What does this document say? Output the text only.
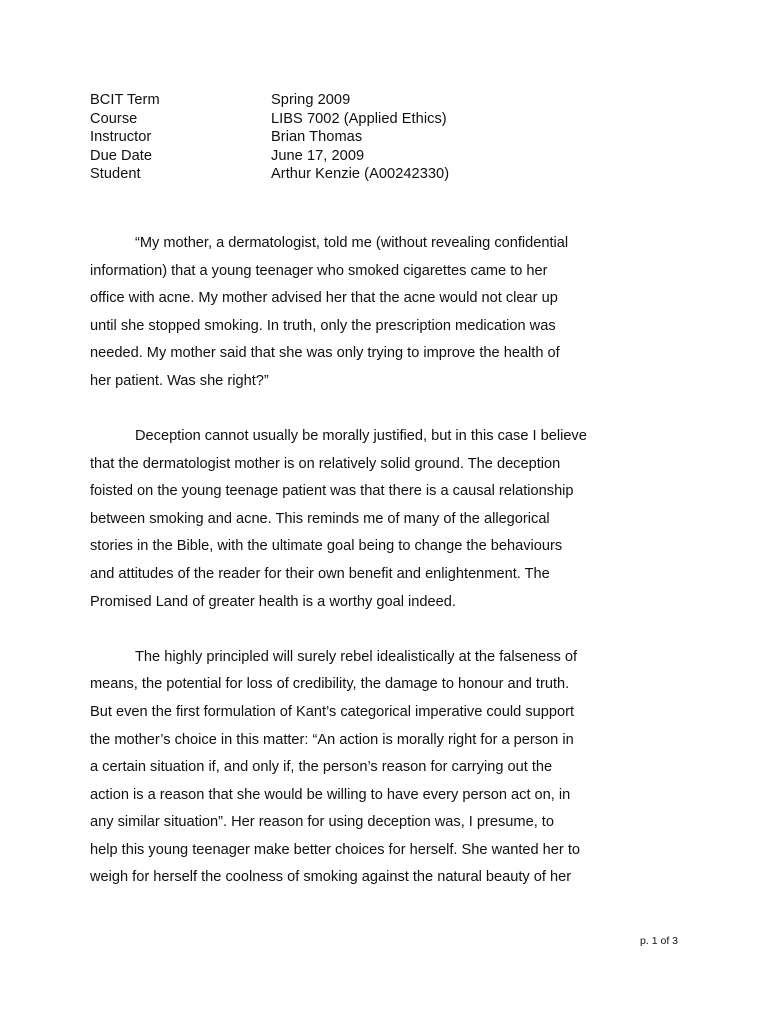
BCIT Term	Spring 2009
Course	LIBS 7002 (Applied Ethics)
Instructor	Brian Thomas
Due Date	June 17, 2009
Student	Arthur Kenzie (A00242330)
“My mother, a dermatologist, told me (without revealing confidential
information) that a young teenager who smoked cigarettes came to her
office with acne. My mother advised her that the acne would not clear up
until she stopped smoking. In truth, only the prescription medication was
needed. My mother said that she was only trying to improve the health of
her patient. Was she right?”
Deception cannot usually be morally justified, but in this case I believe
that the dermatologist mother is on relatively solid ground. The deception
foisted on the young teenage patient was that there is a causal relationship
between smoking and acne. This reminds me of many of the allegorical
stories in the Bible, with the ultimate goal being to change the behaviours
and attitudes of the reader for their own benefit and enlightenment. The
Promised Land of greater health is a worthy goal indeed.
The highly principled will surely rebel idealistically at the falseness of
means, the potential for loss of credibility, the damage to honour and truth.
But even the first formulation of Kant’s categorical imperative could support
the mother’s choice in this matter: “An action is morally right for a person in
a certain situation if, and only if, the person’s reason for carrying out the
action is a reason that she would be willing to have every person act on, in
any similar situation”. Her reason for using deception was, I presume, to
help this young teenager make better choices for herself. She wanted her to
weigh for herself the coolness of smoking against the natural beauty of her
p. 1 of 3
